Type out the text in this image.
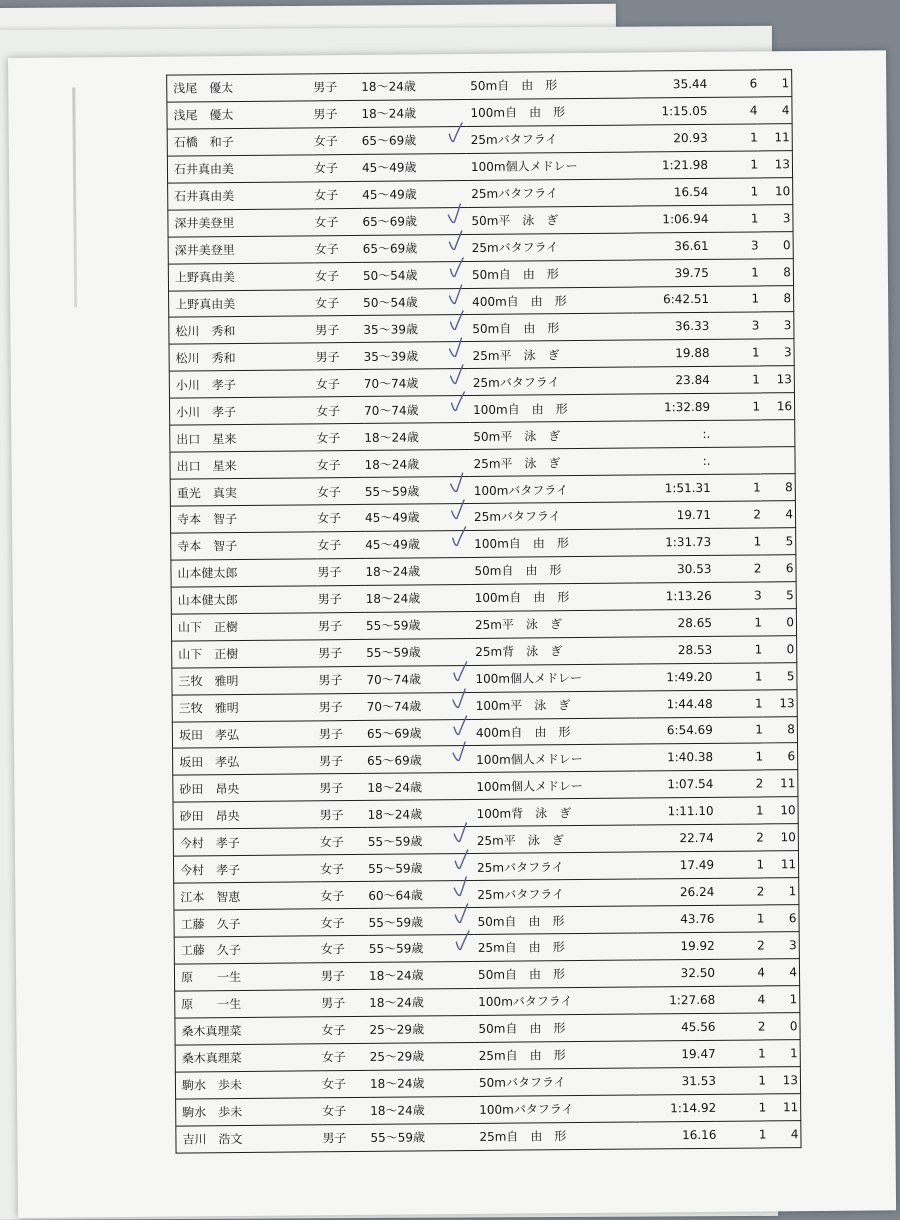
浅尾　優太	男子	18～24歳	50m自　由　形	35.44	6	1
浅尾　優太	男子	18～24歳	100m自　由　形	1:15.05	4	4
石橋　和子	女子	65～69歳	25mバタフライ	20.93	1	11
石井真由美	女子	45～49歳	100m個人メドレー	1:21.98	1	13
石井真由美	女子	45～49歳	25mバタフライ	16.54	1	10
深井美登里	女子	65～69歳	50m平　泳　ぎ	1:06.94	1	3
深井美登里	女子	65～69歳	25mバタフライ	36.61	3	0
上野真由美	女子	50～54歳	50m自　由　形	39.75	1	8
上野真由美	女子	50～54歳	400m自　由　形	6:42.51	1	8
松川　秀和	男子	35～39歳	50m自　由　形	36.33	3	3
松川　秀和	男子	35～39歳	25m平　泳　ぎ	19.88	1	3
小川　孝子	女子	70～74歳	25mバタフライ	23.84	1	13
小川　孝子	女子	70～74歳	100m自　由　形	1:32.89	1	16
出口　星来	女子	18～24歳	50m平　泳　ぎ	:.		
出口　星来	女子	18～24歳	25m平　泳　ぎ	:.		
重光　真実	女子	55～59歳	100mバタフライ	1:51.31	1	8
寺本　智子	女子	45～49歳	25mバタフライ	19.71	2	4
寺本　智子	女子	45～49歳	100m自　由　形	1:31.73	1	5
山本健太郎	男子	18～24歳	50m自　由　形	30.53	2	6
山本健太郎	男子	18～24歳	100m自　由　形	1:13.26	3	5
山下　正樹	男子	55～59歳	25m平　泳　ぎ	28.65	1	0
山下　正樹	男子	55～59歳	25m背　泳　ぎ	28.53	1	0
三牧　雅明	男子	70～74歳	100m個人メドレー	1:49.20	1	5
三牧　雅明	男子	70～74歳	100m平　泳　ぎ	1:44.48	1	13
坂田　孝弘	男子	65～69歳	400m自　由　形	6:54.69	1	8
坂田　孝弘	男子	65～69歳	100m個人メドレー	1:40.38	1	6
砂田　昂央	男子	18～24歳	100m個人メドレー	1:07.54	2	11
砂田　昂央	男子	18～24歳	100m背　泳　ぎ	1:11.10	1	10
今村　孝子	女子	55～59歳	25m平　泳　ぎ	22.74	2	10
今村　孝子	女子	55～59歳	25mバタフライ	17.49	1	11
江本　智恵	女子	60～64歳	25mバタフライ	26.24	2	1
工藤　久子	女子	55～59歳	50m自　由　形	43.76	1	6
工藤　久子	女子	55～59歳	25m自　由　形	19.92	2	3
原　　一生	男子	18～24歳	50m自　由　形	32.50	4	4
原　　一生	男子	18～24歳	100mバタフライ	1:27.68	4	1
桑木真理菜	女子	25～29歳	50m自　由　形	45.56	2	0
桑木真理菜	女子	25～29歳	25m自　由　形	19.47	1	1
駒水　歩未	女子	18～24歳	50mバタフライ	31.53	1	13
駒水　歩未	女子	18～24歳	100mバタフライ	1:14.92	1	11
吉川　浩文	男子	55～59歳	25m自　由　形	16.16	1	4
